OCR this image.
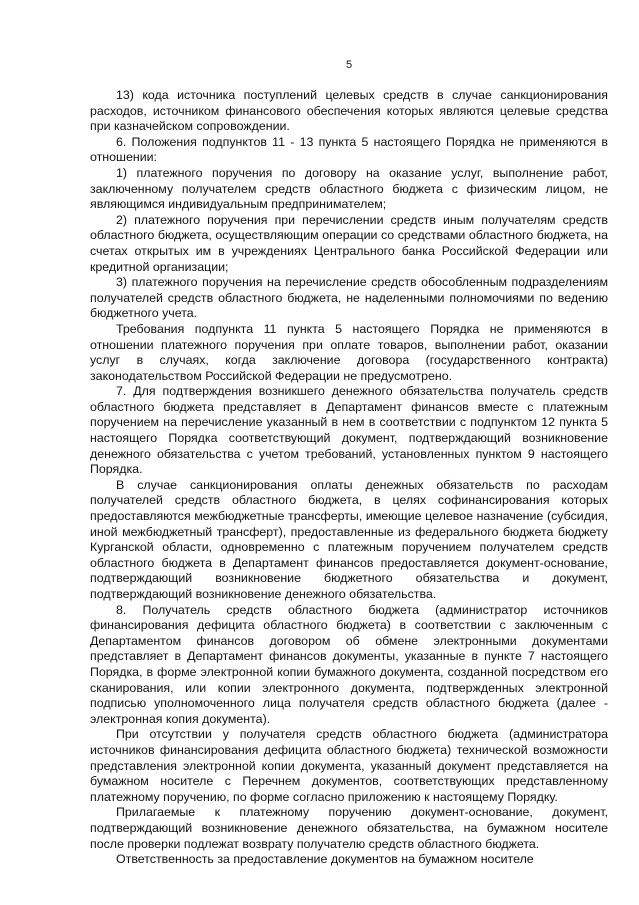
5

13) кода источника поступлений целевых средств в случае санкционирования расходов, источником финансового обеспечения которых являются целевые средства при казначейском сопровождении.

6. Положения подпунктов 11 - 13 пункта 5 настоящего Порядка не применяются в отношении:

1) платежного поручения по договору на оказание услуг, выполнение работ, заключенному получателем средств областного бюджета с физическим лицом, не являющимся индивидуальным предпринимателем;

2) платежного поручения при перечислении средств иным получателям средств областного бюджета, осуществляющим операции со средствами областного бюджета, на счетах открытых им в учреждениях Центрального банка Российской Федерации или кредитной организации;

3) платежного поручения на перечисление средств обособленным подразделениям получателей средств областного бюджета, не наделенными полномочиями по ведению бюджетного учета.

Требования подпункта 11 пункта 5 настоящего Порядка не применяются в отношении платежного поручения при оплате товаров, выполнении работ, оказании услуг в случаях, когда заключение договора (государственного контракта) законодательством Российской Федерации не предусмотрено.

7. Для подтверждения возникшего денежного обязательства получатель средств областного бюджета представляет в Департамент финансов вместе с платежным поручением на перечисление указанный в нем в соответствии с подпунктом 12 пункта 5 настоящего Порядка соответствующий документ, подтверждающий возникновение денежного обязательства с учетом требований, установленных пунктом 9 настоящего Порядка.

В случае санкционирования оплаты денежных обязательств по расходам получателей средств областного бюджета, в целях софинансирования которых предоставляются межбюджетные трансферты, имеющие целевое назначение (субсидия, иной межбюджетный трансферт), предоставленные из федерального бюджета бюджету Курганской области, одновременно с платежным поручением получателем средств областного бюджета в Департамент финансов предоставляется документ-основание, подтверждающий возникновение бюджетного обязательства и документ, подтверждающий возникновение денежного обязательства.

8. Получатель средств областного бюджета (администратор источников финансирования дефицита областного бюджета) в соответствии с заключенным с Департаментом финансов договором об обмене электронными документами представляет в Департамент финансов документы, указанные в пункте 7 настоящего Порядка, в форме электронной копии бумажного документа, созданной посредством его сканирования, или копии электронного документа, подтвержденных электронной подписью уполномоченного лица получателя средств областного бюджета (далее - электронная копия документа).

При отсутствии у получателя средств областного бюджета (администратора источников финансирования дефицита областного бюджета) технической возможности представления электронной копии документа, указанный документ представляется на бумажном носителе с Перечнем документов, соответствующих представленному платежному поручению, по форме согласно приложению к настоящему Порядку.

Прилагаемые к платежному поручению документ-основание, документ, подтверждающий возникновение денежного обязательства, на бумажном носителе после проверки подлежат возврату получателю средств областного бюджета.

Ответственность за предоставление документов на бумажном носителе
